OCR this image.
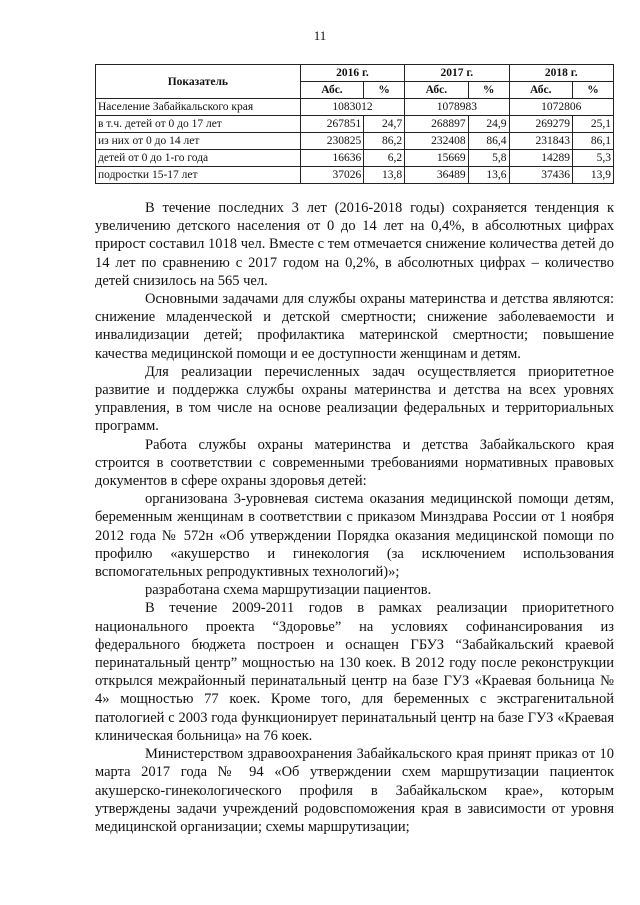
11
Показатель	2016 г.		2017 г.		2018 г.	
	Абс.	%	Абс.	%	Абс.	%
Население Забайкальского края	1083012		1078983		1072806	
в т.ч. детей от 0 до 17 лет	267851	24,7	268897	24,9	269279	25,1
из них от 0 до 14 лет	230825	86,2	232408	86,4	231843	86,1
детей от 0 до 1-го года	16636	6,2	15669	5,8	14289	5,3
подростки 15-17 лет	37026	13,8	36489	13,6	37436	13,9

В течение последних 3 лет (2016-2018 годы) сохраняется тенденция к увеличению детского населения от 0 до 14 лет на 0,4%, в абсолютных цифрах прирост составил 1018 чел. Вместе с тем отмечается снижение количества детей до 14 лет по сравнению с 2017 годом на 0,2%, в абсолютных цифрах – количество детей снизилось на 565 чел.

Основными задачами для службы охраны материнства и детства являются: снижение младенческой и детской смертности; снижение заболеваемости и инвалидизации детей; профилактика материнской смертности; повышение качества медицинской помощи и ее доступности женщинам и детям.

Для реализации перечисленных задач осуществляется приоритетное развитие и поддержка службы охраны материнства и детства на всех уровнях управления, в том числе на основе реализации федеральных и территориальных программ.

Работа службы охраны материнства и детства Забайкальского края строится в соответствии с современными требованиями нормативных правовых документов в сфере охраны здоровья детей:

организована 3-уровневая система оказания медицинской помощи детям, беременным женщинам в соответствии с приказом Минздрава России от 1 ноября 2012 года № 572н «Об утверждении Порядка оказания медицинской помощи по профилю «акушерство и гинекология (за исключением использования вспомогательных репродуктивных технологий)»;

разработана схема маршрутизации пациентов.

В течение 2009-2011 годов в рамках реализации приоритетного национального проекта “Здоровье” на условиях софинансирования из федерального бюджета построен и оснащен ГБУЗ “Забайкальский краевой перинатальный центр” мощностью на 130 коек. В 2012 году после реконструкции открылся межрайонный перинатальный центр на базе ГУЗ «Краевая больница № 4» мощностью 77 коек. Кроме того, для беременных с экстрагенитальной патологией с 2003 года функционирует перинатальный центр на базе ГУЗ «Краевая клиническая больница» на 76 коек.

Министерством здравоохранения Забайкальского края принят приказ от 10 марта 2017 года № 94 «Об утверждении схем маршрутизации пациенток акушерско-гинекологического профиля в Забайкальском крае», которым утверждены задачи учреждений родовспоможения края в зависимости от уровня медицинской организации; схемы маршрутизации;
